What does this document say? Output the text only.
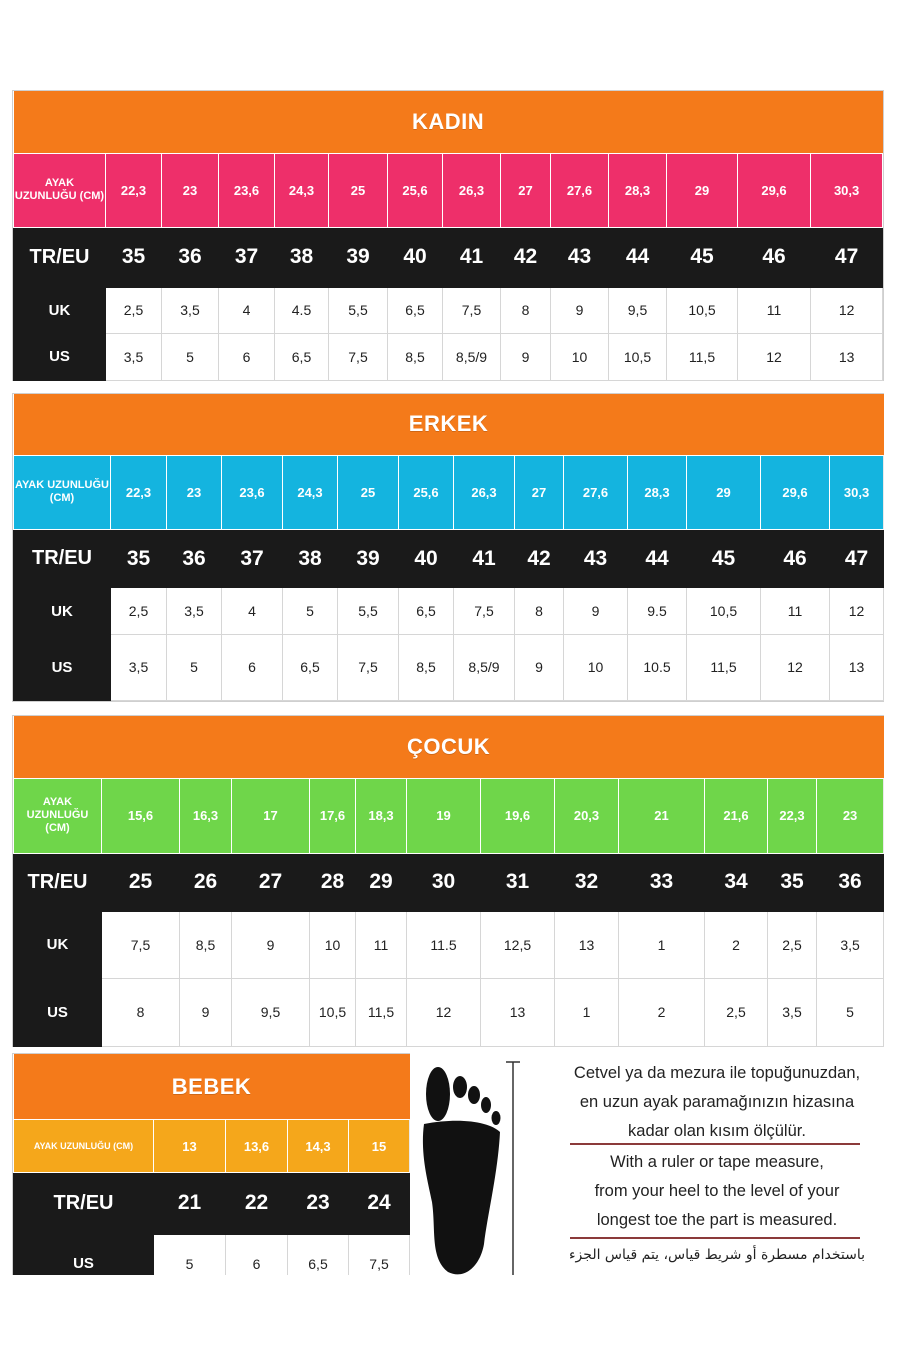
KADIN													
AYAK UZUNLUĞU (CM)	22,3	23	23,6	24,3	25	25,6	26,3	27	27,6	28,3	29	29,6	30,3
TR/EU	35	36	37	38	39	40	41	42	43	44	45	46	47
UK	2,5	3,5	4	4.5	5,5	6,5	7,5	8	9	9,5	10,5	11	12
US	3,5	5	6	6,5	7,5	8,5	8,5/9	9	10	10,5	11,5	12	13
ERKEK													
AYAK UZUNLUĞU (CM)	22,3	23	23,6	24,3	25	25,6	26,3	27	27,6	28,3	29	29,6	30,3
TR/EU	35	36	37	38	39	40	41	42	43	44	45	46	47
UK	2,5	3,5	4	5	5,5	6,5	7,5	8	9	9.5	10,5	11	12
US	3,5	5	6	6,5	7,5	8,5	8,5/9	9	10	10.5	11,5	12	13
ÇOCUK												
AYAK UZUNLUĞU (CM)	15,6	16,3	17	17,6	18,3	19	19,6	20,3	21	21,6	22,3	23
TR/EU	25	26	27	28	29	30	31	32	33	34	35	36
UK	7,5	8,5	9	10	11	11.5	12,5	13	1	2	2,5	3,5
US	8	9	9,5	10,5	11,5	12	13	1	2	2,5	3,5	5
BEBEK				
AYAK UZUNLUĞU (CM)	13	13,6	14,3	15
TR/EU	21	22	23	24
US	5	6	6,5	7,5
Cetvel ya da mezura ile topuğunuzdan,
en uzun ayak paramağınızın hizasına
kadar olan kısım ölçülür.
With a ruler or tape measure,
from your heel to the level of your
longest toe the part is measured.
باستخدام مسطرة أو شريط قياس، يتم قياس الجزء
